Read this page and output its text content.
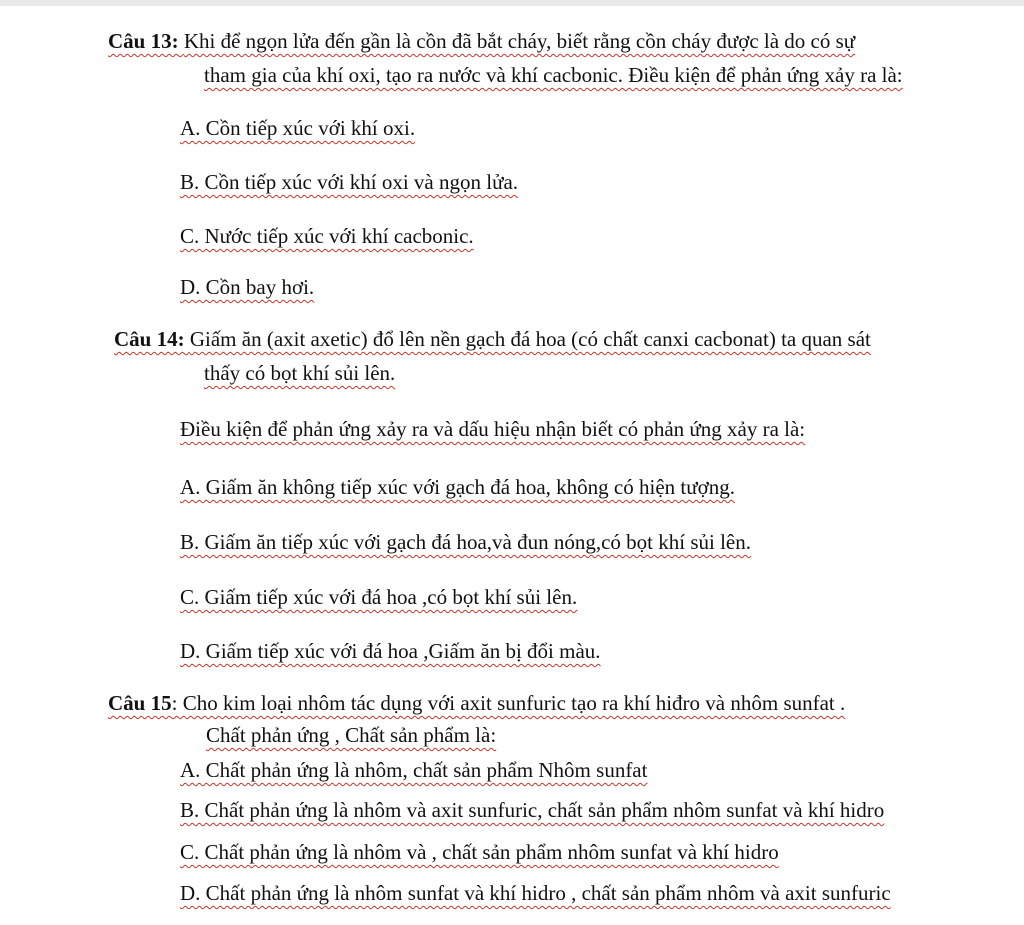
Câu 13: Khi để ngọn lửa đến gần là cồn đã bắt cháy, biết rằng cồn cháy được là do có sự
tham gia của khí oxi, tạo ra nước và khí cacbonic. Điều kiện để phản ứng xảy ra là:
A. Cồn tiếp xúc với khí oxi.
B. Cồn tiếp xúc với khí oxi và ngọn lửa.
C. Nước tiếp xúc với khí cacbonic.
D. Cồn bay hơi.
Câu 14: Giấm ăn (axit axetic) đổ lên nền gạch đá hoa (có chất canxi cacbonat) ta quan sát
thấy có bọt khí sủi lên.
Điều kiện để phản ứng xảy ra và dấu hiệu nhận biết có phản ứng xảy ra là:
A. Giấm ăn không tiếp xúc với gạch đá hoa, không có hiện tượng.
B. Giấm ăn tiếp xúc với gạch đá hoa,và đun nóng,có bọt khí sủi lên.
C. Giấm tiếp xúc với đá hoa ,có bọt khí sủi lên.
D. Giấm tiếp xúc với đá hoa ,Giấm ăn bị đổi màu.
Câu 15: Cho kim loại nhôm tác dụng với axit sunfuric tạo ra khí hiđro và nhôm sunfat .
Chất phản ứng , Chất sản phẩm là:
A. Chất phản ứng là nhôm, chất sản phẩm Nhôm sunfat
B. Chất phản ứng là nhôm và axit sunfuric, chất sản phẩm nhôm sunfat và khí hidro
C. Chất phản ứng là nhôm và , chất sản phẩm nhôm sunfat và khí hidro
D. Chất phản ứng là nhôm sunfat và khí hidro , chất sản phẩm nhôm và axit sunfuric
